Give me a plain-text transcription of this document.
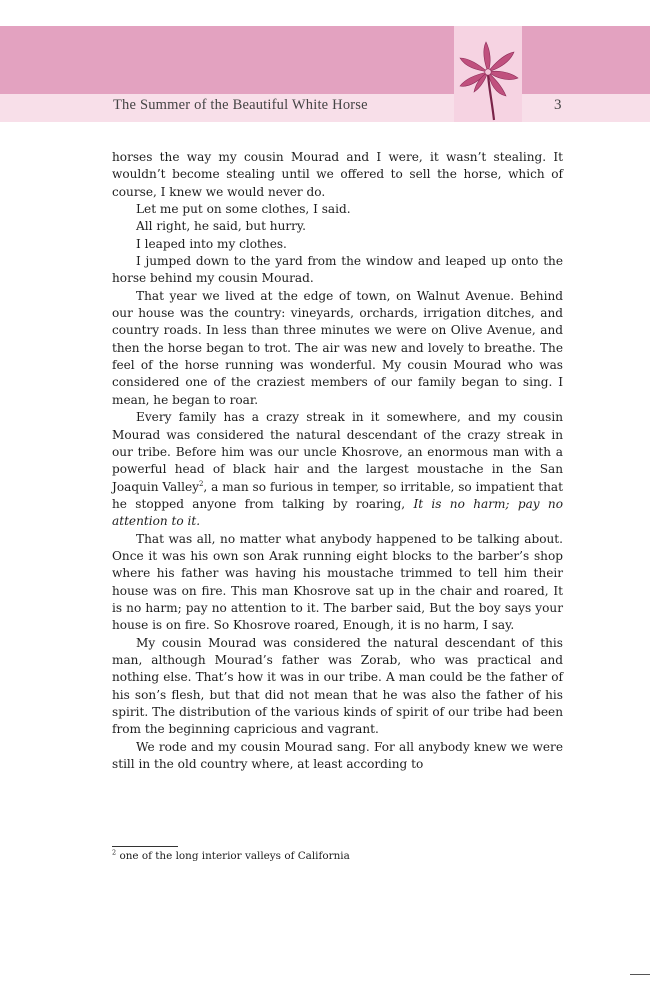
The Summer of the Beautiful White Horse	3

horses the way my cousin Mourad and I were, it wasn’t stealing. It wouldn’t become stealing until we offered to sell the horse, which of course, I knew we would never do.

Let me put on some clothes, I said.

All right, he said, but hurry.

I leaped into my clothes.

I jumped down to the yard from the window and leaped up onto the horse behind my cousin Mourad.

That year we lived at the edge of town, on Walnut Avenue. Behind our house was the country: vineyards, orchards, irrigation ditches, and country roads. In less than three minutes we were on Olive Avenue, and then the horse began to trot. The air was new and lovely to breathe. The feel of the horse running was wonderful. My cousin Mourad who was considered one of the craziest members of our family began to sing. I mean, he began to roar.

Every family has a crazy streak in it somewhere, and my cousin Mourad was considered the natural descendant of the crazy streak in our tribe. Before him was our uncle Khosrove, an enormous man with a powerful head of black hair and the largest moustache in the San Joaquin Valley$^2$, a man so furious in temper, so irritable, so impatient that he stopped anyone from talking by roaring, It is no harm; pay no attention to it.

That was all, no matter what anybody happened to be talking about. Once it was his own son Arak running eight blocks to the barber’s shop where his father was having his moustache trimmed to tell him their house was on fire. This man Khosrove sat up in the chair and roared, It is no harm; pay no attention to it. The barber said, But the boy says your house is on fire. So Khosrove roared, Enough, it is no harm, I say.

My cousin Mourad was considered the natural descendant of this man, although Mourad’s father was Zorab, who was practical and nothing else. That’s how it was in our tribe. A man could be the father of his son’s flesh, but that did not mean that he was also the father of his spirit. The distribution of the various kinds of spirit of our tribe had been from the beginning capricious and vagrant.

We rode and my cousin Mourad sang. For all anybody knew we were still in the old country where, at least according to

$^2$ one of the long interior valleys of California
